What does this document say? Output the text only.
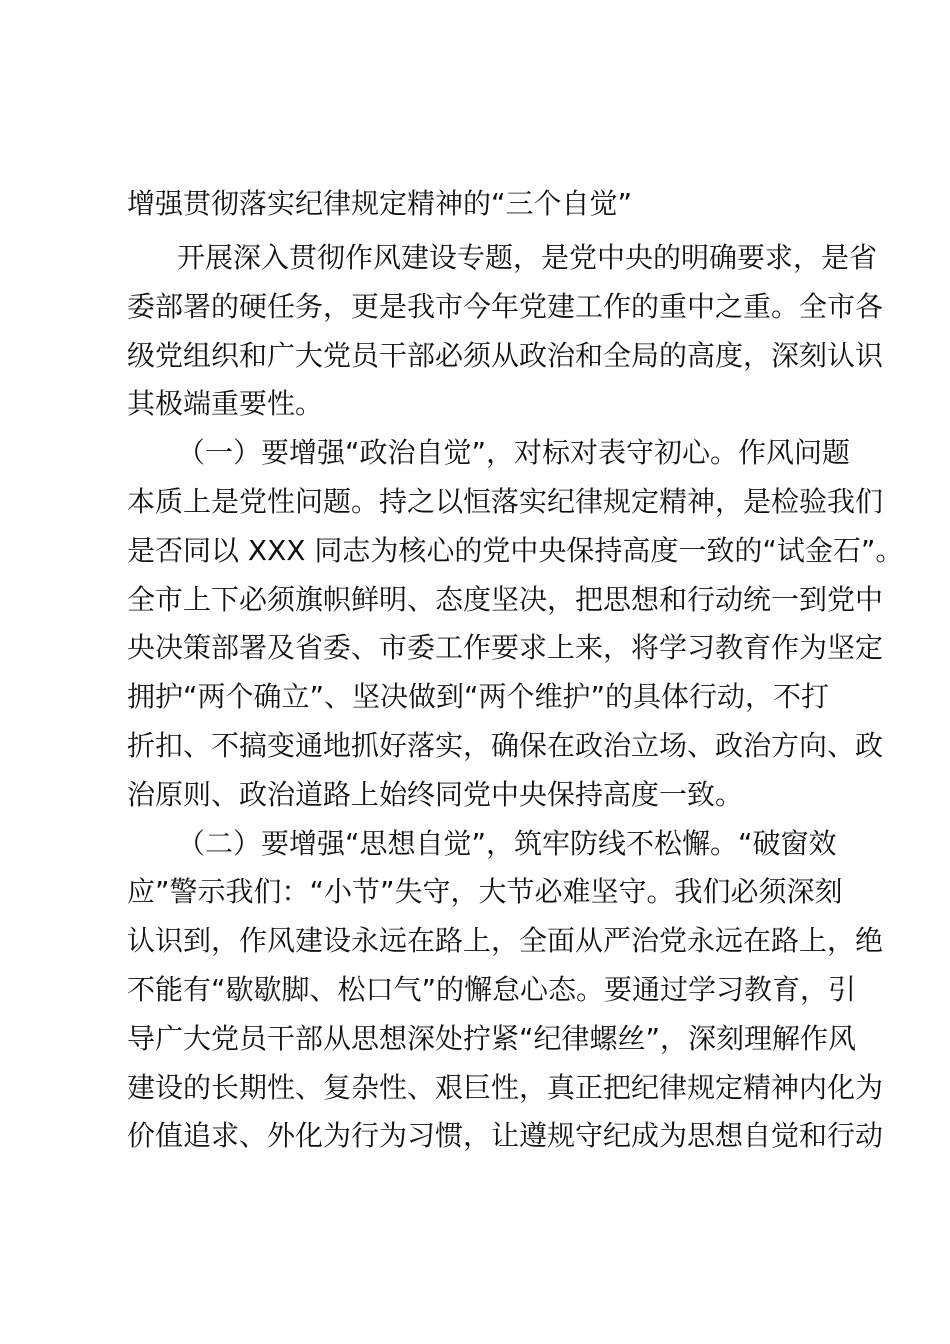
增强贯彻落实纪律规定精神的“三个自觉”
开展深入贯彻作风建设专题，是党中央的明确要求，是省
委部署的硬任务，更是我市今年党建工作的重中之重。全市各
级党组织和广大党员干部必须从政治和全局的高度，深刻认识
其极端重要性。
（一）要增强“政治自觉”，对标对表守初心。作风问题
本质上是党性问题。持之以恒落实纪律规定精神，是检验我们
是否同以 XXX 同志为核心的党中央保持高度一致的“试金石”。
全市上下必须旗帜鲜明、态度坚决，把思想和行动统一到党中
央决策部署及省委、市委工作要求上来，将学习教育作为坚定
拥护“两个确立”、坚决做到“两个维护”的具体行动，不打
折扣、不搞变通地抓好落实，确保在政治立场、政治方向、政
治原则、政治道路上始终同党中央保持高度一致。
（二）要增强“思想自觉”，筑牢防线不松懈。“破窗效
应”警示我们：“小节”失守，大节必难坚守。我们必须深刻
认识到，作风建设永远在路上，全面从严治党永远在路上，绝
不能有“歇歇脚、松口气”的懈怠心态。要通过学习教育，引
导广大党员干部从思想深处拧紧“纪律螺丝”，深刻理解作风
建设的长期性、复杂性、艰巨性，真正把纪律规定精神内化为
价值追求、外化为行为习惯，让遵规守纪成为思想自觉和行动
